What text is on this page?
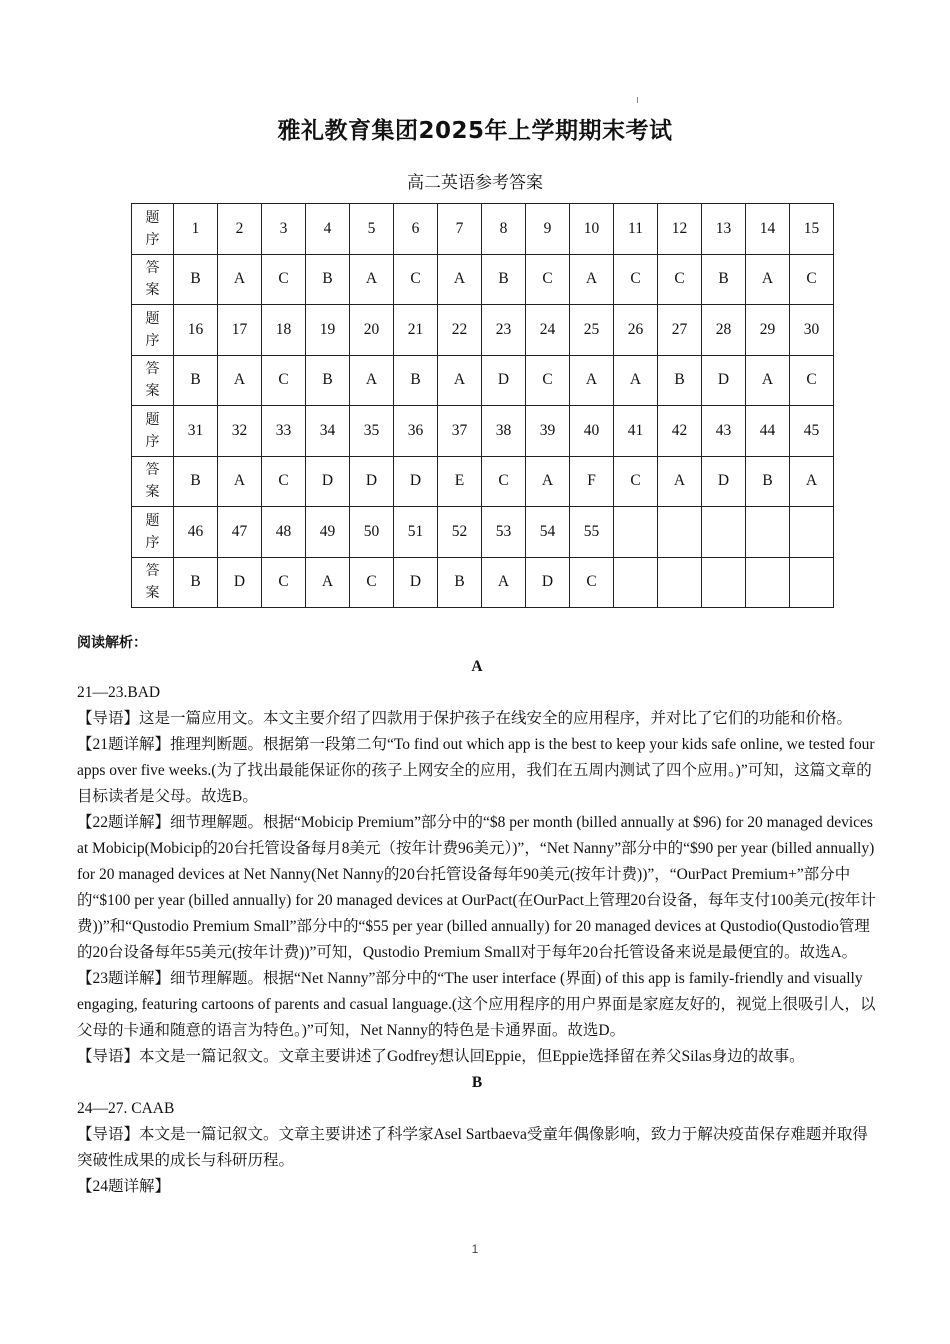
雅礼教育集团2025年上学期期末考试
高二英语参考答案
题
序	1	2	3	4	5	6	7	8	9	10	11	12	13	14	15

答
案	B	A	C	B	A	C	A	B	C	A	C	C	B	A	C

题
序	16	17	18	19	20	21	22	23	24	25	26	27	28	29	30

答
案	B	A	C	B	A	B	A	D	C	A	A	B	D	A	C

题
序	31	32	33	34	35	36	37	38	39	40	41	42	43	44	45

答
案	B	A	C	D	D	D	E	C	A	F	C	A	D	B	A

题
序	46	47	48	49	50	51	52	53	54	55					

答
案	B	D	C	A	C	D	B	A	D	C					
阅读解析：

A

21—23.BAD

【导语】这是一篇应用文。本文主要介绍了四款用于保护孩子在线安全的应用程序，并对比了它们的功能和价格。

【21题详解】推理判断题。根据第一段第二句“To find out which app is the best to keep your kids safe online, we tested four apps over five weeks.(为了找出最能保证你的孩子上网安全的应用，我们在五周内测试了四个应用。)”可知，这篇文章的目标读者是父母。故选B。

【22题详解】细节理解题。根据“Mobicip Premium”部分中的“$8 per month (billed annually at $96) for 20 managed devices at Mobicip(Mobicip的20台托管设备每月8美元（按年计费96美元）)”，“Net Nanny”部分中的“$90 per year (billed annually) for 20 managed devices at Net Nanny(Net Nanny的20台托管设备每年90美元(按年计费))”，“OurPact Premium+”部分中的“$100 per year (billed annually) for 20 managed devices at OurPact(在OurPact上管理20台设备，每年支付100美元(按年计费))”和“Qustodio Premium Small”部分中的“$55 per year (billed annually) for 20 managed devices at Qustodio(Qustodio管理的20台设备每年55美元(按年计费))”可知，Qustodio Premium Small对于每年20台托管设备来说是最便宜的。故选A。

【23题详解】细节理解题。根据“Net Nanny”部分中的“The user interface (界面) of this app is family-friendly and visually engaging, featuring cartoons of parents and casual language.(这个应用程序的用户界面是家庭友好的，视觉上很吸引人，以父母的卡通和随意的语言为特色。)”可知，Net Nanny的特色是卡通界面。故选D。

【导语】本文是一篇记叙文。文章主要讲述了Godfrey想认回Eppie，但Eppie选择留在养父Silas身边的故事。

B

24—27. CAAB

【导语】本文是一篇记叙文。文章主要讲述了科学家Asel Sartbaeva受童年偶像影响，致力于解决疫苗保存难题并取得突破性成果的成长与科研历程。

【24题详解】

1
